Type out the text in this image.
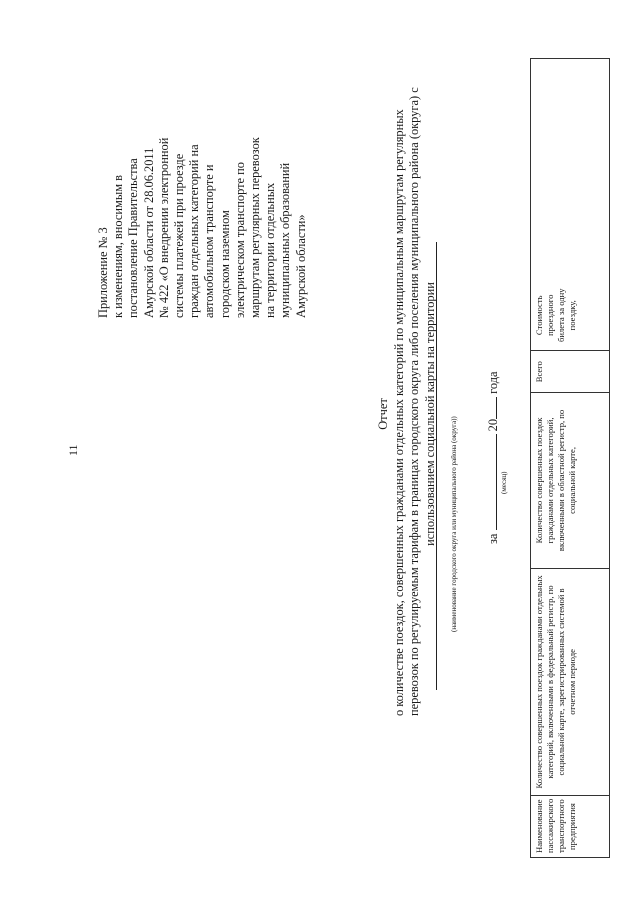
11
Приложение № 3 к изменениям, вносимым в постановление Правительства Амурской области от 28.06.2011 № 422 «О внедрении электронной системы платежей при проезде граждан отдельных категорий на автомобильном транспорте и городском наземном электрическом транспорте по маршрутам регулярных перевозок на территории отдельных муниципальных образований Амурской области»
Отчет о количестве поездок, совершенных гражданами отдельных категорий по муниципальным маршрутам регулярных перевозок по регулируемым тарифам в границах городского округа либо поселения муниципального района (округа) с использованием социальной карты на территории (наименование городского округа или муниципального района (округа)) за  20 года
(месяц)
Наименование пассажирского транспортного предприятия
Количество совершенных поездок гражданами отдельных категорий, включенными в федеральный регистр, по социальной карте, зарегистрированных системой в отчетном периоде
Количество совершенных поездок гражданами отдельных категорий, включенными в областной регистр, по социальной карте,
Всего
Стоимость проездного билета за одну поездку,
